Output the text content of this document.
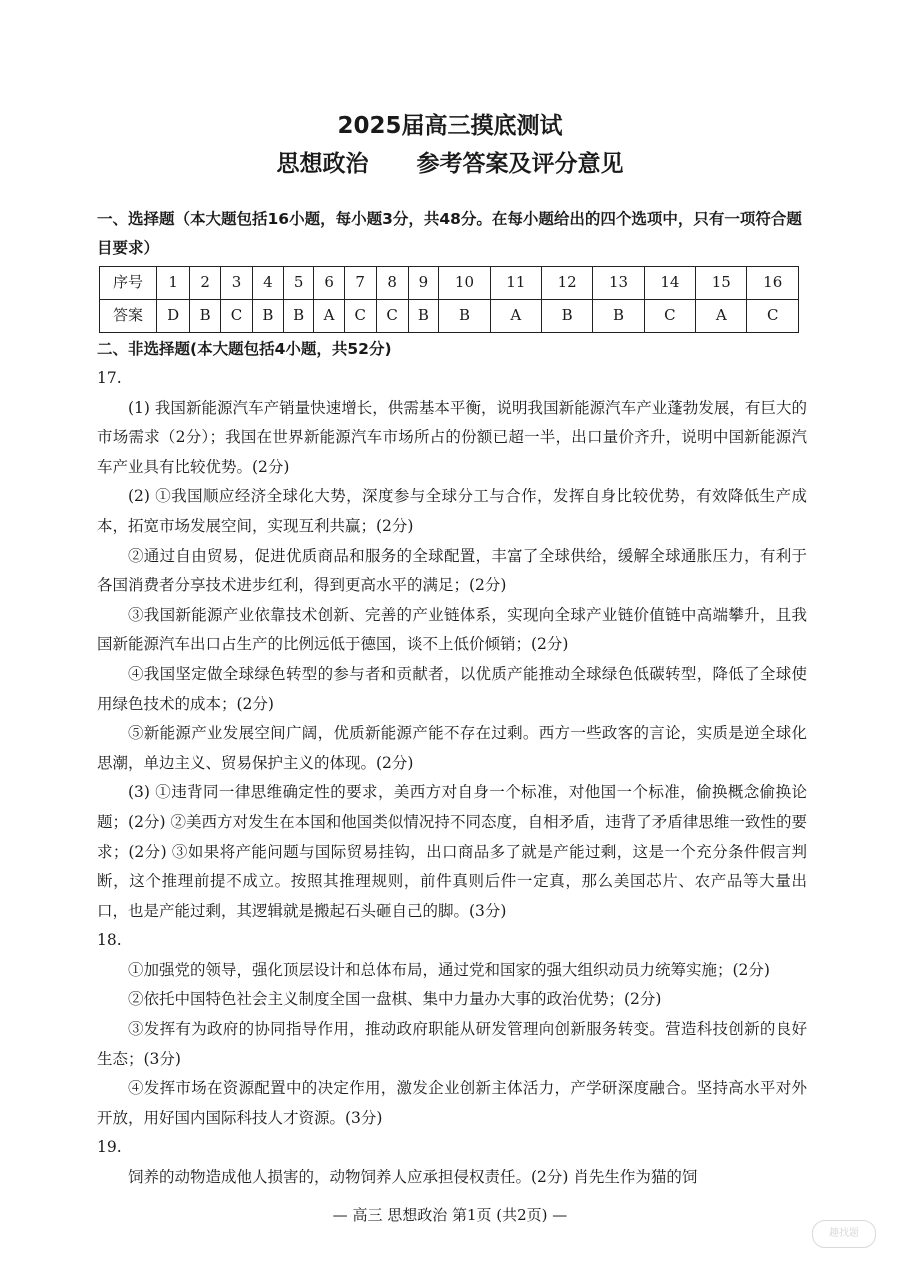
2025届高三摸底测试
思想政治 参考答案及评分意见
一、选择题（本大题包括16小题，每小题3分，共48分。在每小题给出的四个选项中，只有一项符合题目要求）
序号	1	2	3	4	5	6	7	8	9	10	11	12	13	14	15	16
答案	D	B	C	B	B	A	C	C	B	B	A	B	B	C	A	C
二、非选择题(本大题包括4小题，共52分)
17.

(1) 我国新能源汽车产销量快速增长，供需基本平衡，说明我国新能源汽车产业蓬勃发展，有巨大的市场需求（2分）；我国在世界新能源汽车市场所占的份额已超一半，出口量价齐升，说明中国新能源汽车产业具有比较优势。(2分)

(2) ①我国顺应经济全球化大势，深度参与全球分工与合作，发挥自身比较优势，有效降低生产成本，拓宽市场发展空间，实现互利共赢；(2分)

②通过自由贸易，促进优质商品和服务的全球配置，丰富了全球供给，缓解全球通胀压力，有利于各国消费者分享技术进步红利，得到更高水平的满足；(2分)

③我国新能源产业依靠技术创新、完善的产业链体系，实现向全球产业链价值链中高端攀升，且我国新能源汽车出口占生产的比例远低于德国，谈不上低价倾销；(2分)

④我国坚定做全球绿色转型的参与者和贡献者，以优质产能推动全球绿色低碳转型，降低了全球使用绿色技术的成本；(2分)

⑤新能源产业发展空间广阔，优质新能源产能不存在过剩。西方一些政客的言论，实质是逆全球化思潮，单边主义、贸易保护主义的体现。(2分)

(3) ①违背同一律思维确定性的要求，美西方对自身一个标准，对他国一个标准，偷换概念偷换论题；(2分) ②美西方对发生在本国和他国类似情况持不同态度，自相矛盾，违背了矛盾律思维一致性的要求；(2分) ③如果将产能问题与国际贸易挂钩，出口商品多了就是产能过剩，这是一个充分条件假言判断，这个推理前提不成立。按照其推理规则，前件真则后件一定真，那么美国芯片、农产品等大量出口，也是产能过剩，其逻辑就是搬起石头砸自己的脚。(3分)

18.

①加强党的领导，强化顶层设计和总体布局，通过党和国家的强大组织动员力统筹实施；(2分)

②依托中国特色社会主义制度全国一盘棋、集中力量办大事的政治优势；(2分)

③发挥有为政府的协同指导作用，推动政府职能从研发管理向创新服务转变。营造科技创新的良好生态；(3分)

④发挥市场在资源配置中的决定作用，激发企业创新主体活力，产学研深度融合。坚持高水平对外开放，用好国内国际科技人才资源。(3分)

19.

饲养的动物造成他人损害的，动物饲养人应承担侵权责任。(2分) 肖先生作为猫的饲

— 高三 思想政治 第1页 (共2页) —
趣找题
